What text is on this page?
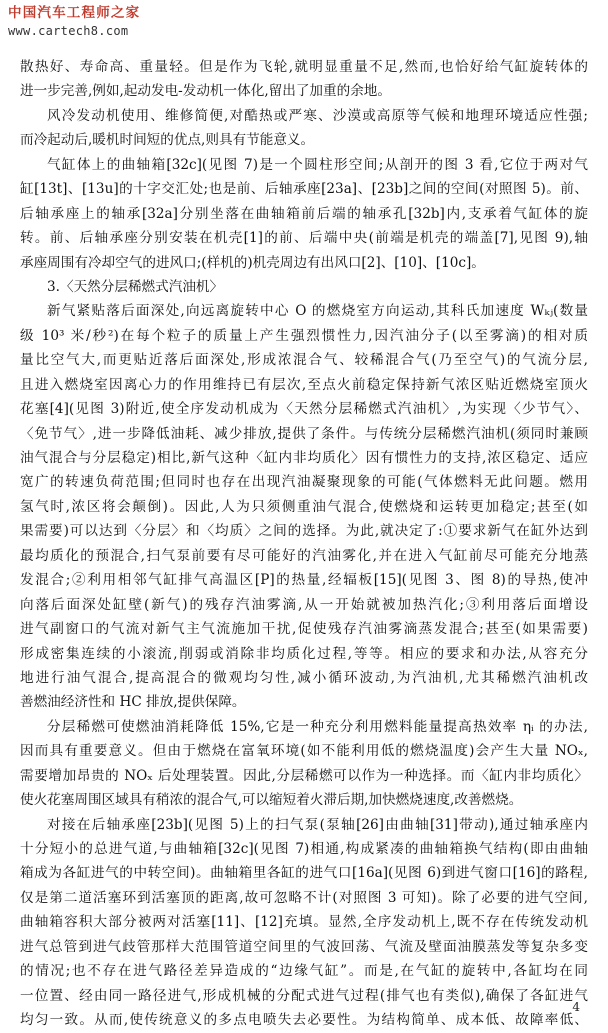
中国汽车工程师之家
www.cartech8.com
散热好、寿命高、重量轻。但是作为飞轮,就明显重量不足,然而,也恰好给气缸旋转体的
进一步完善,例如,起动发电-发动机一体化,留出了加重的余地。
风冷发动机使用、维修简便,对酷热或严寒、沙漠或高原等气候和地理环境适应性强;
而冷起动后,暖机时间短的优点,则具有节能意义。
气缸体上的曲轴箱[32c](见图 7)是一个圆柱形空间;从剖开的图 3 看,它位于两对气
缸[13t]、[13u]的十字交汇处;也是前、后轴承座[23a]、[23b]之间的空间(对照图 5)。前、
后轴承座上的轴承[32a]分别坐落在曲轴箱前后端的轴承孔[32b]内,支承着气缸体的旋
转。前、后轴承座分别安装在机壳[1]的前、后端中央(前端是机壳的端盖[7],见图 9),轴
承座周围有冷却空气的进风口;(样机的)机壳周边有出风口[2]、[10]、[10c]。
3.〈天然分层稀燃式汽油机〉
新气紧贴落后面深处,向远离旋转中心 O 的燃烧室方向运动,其科氏加速度 Wₖⱼ(数量
级 10³ 米/秒²)在每个粒子的质量上产生强烈惯性力,因汽油分子(以至雾滴)的相对质
量比空气大,而更贴近落后面深处,形成浓混合气、较稀混合气(乃至空气)的气流分层,
且进入燃烧室因离心力的作用维持已有层次,至点火前稳定保持新气浓区贴近燃烧室顶火
花塞[4](见图 3)附近,使全序发动机成为〈天然分层稀燃式汽油机〉,为实现〈少节气〉、
〈免节气〉,进一步降低油耗、减少排放,提供了条件。与传统分层稀燃汽油机(须同时兼顾
油气混合与分层稳定)相比,新气这种〈缸内非均质化〉因有惯性力的支持,浓区稳定、适应
宽广的转速负荷范围;但同时也存在出现汽油凝聚现象的可能(气体燃料无此问题。燃用
氢气时,浓区将会颠倒)。因此,人为只须侧重油气混合,使燃烧和运转更加稳定;甚至(如
果需要)可以达到〈分层〉和〈均质〉之间的选择。为此,就决定了:①要求新气在缸外达到
最均质化的预混合,扫气泵前要有尽可能好的汽油雾化,并在进入气缸前尽可能充分地蒸
发混合;②利用相邻气缸排气高温区[P]的热量,经辐板[15](见图 3、图 8)的导热,使冲
向落后面深处缸壁(新气)的残存汽油雾滴,从一开始就被加热汽化;③利用落后面增设
进气副窗口的气流对新气主气流施加干扰,促使残存汽油雾滴蒸发混合;甚至(如果需要)
形成密集连续的小滚流,削弱或消除非均质化过程,等等。相应的要求和办法,从容充分
地进行油气混合,提高混合的微观均匀性,减小循环波动,为汽油机,尤其稀燃汽油机改
善燃油经济性和 HC 排放,提供保障。
分层稀燃可使燃油消耗降低 15%,它是一种充分利用燃料能量提高热效率 ηᵢ 的办法,
因而具有重要意义。但由于燃烧在富氧环境(如不能利用低的燃烧温度)会产生大量 NOₓ,
需要增加昂贵的 NOₓ 后处理装置。因此,分层稀燃可以作为一种选择。而〈缸内非均质化〉
使火花塞周围区域具有稍浓的混合气,可以缩短着火滞后期,加快燃烧速度,改善燃烧。
对接在后轴承座[23b](见图 5)上的扫气泵(泵轴[26]由曲轴[31]带动),通过轴承座内
十分短小的总进气道,与曲轴箱[32c](见图 7)相通,构成紧凑的曲轴箱换气结构(即由曲轴
箱成为各缸进气的中转空间)。曲轴箱里各缸的进气口[16a](见图 6)到进气窗口[16]的路程,
仅是第二道活塞环到活塞顶的距离,故可忽略不计(对照图 3 可知)。除了必要的进气空间,
曲轴箱容积大部分被两对活塞[11]、[12]充填。显然,全序发动机上,既不存在传统发动机
进气总管到进气歧管那样大范围管道空间里的气波回荡、气流及壁面油膜蒸发等复杂多变
的情况;也不存在进气路径差异造成的“边缘气缸”。而是,在气缸的旋转中,各缸均在同
一位置、经由同一路径进气,形成机械的分配式进气过程(排气也有类似),确保了各缸进气
均匀一致。从而,使传统意义的多点电喷失去必要性。为结构简单、成本低、故障率低、
4
